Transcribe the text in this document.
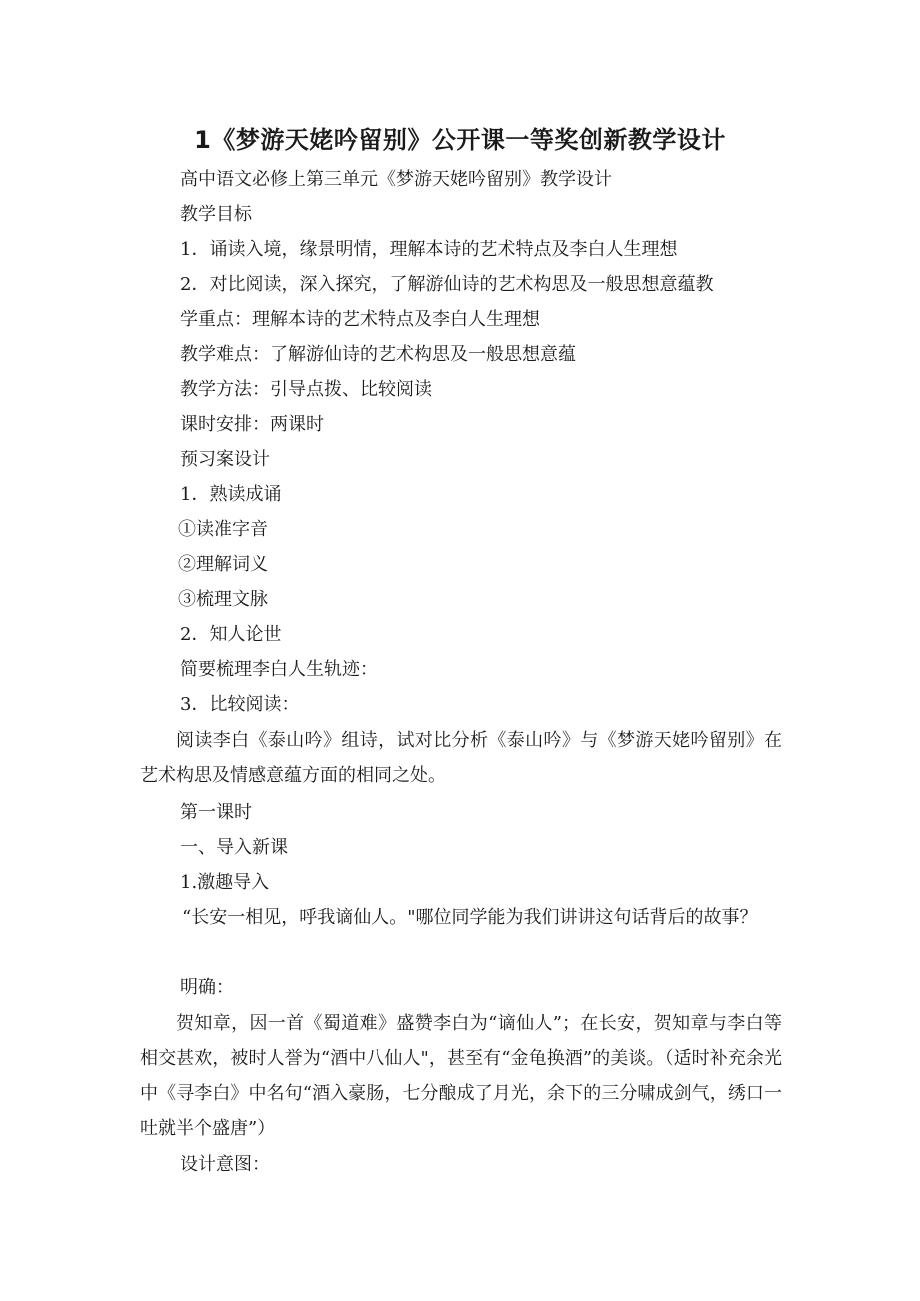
1《梦游天姥吟留别》公开课一等奖创新教学设计
高中语文必修上第三单元《梦游天姥吟留别》教学设计
教学目标
1．诵读入境，缘景明情，理解本诗的艺术特点及李白人生理想
2．对比阅读，深入探究，了解游仙诗的艺术构思及一般思想意蕴教
学重点：理解本诗的艺术特点及李白人生理想
教学难点：了解游仙诗的艺术构思及一般思想意蕴
教学方法：引导点拨、比较阅读
课时安排：两课时
预习案设计
1．熟读成诵
①读准字音
②理解词义
③梳理文脉
2．知人论世
简要梳理李白人生轨迹：
3．比较阅读：
阅读李白《泰山吟》组诗，试对比分析《泰山吟》与《梦游天姥吟留别》在艺术构思及情感意蕴方面的相同之处。
第一课时
一、导入新课
1.激趣导入
“长安一相见，呼我谪仙人。"哪位同学能为我们讲讲这句话背后的故事？
明确：
贺知章，因一首《蜀道难》盛赞李白为“谪仙人”；在长安，贺知章与李白等相交甚欢，被时人誉为“酒中八仙人"，甚至有“金龟换酒”的美谈。（适时补充余光中《寻李白》中名句“酒入豪肠，七分酿成了月光，余下的三分啸成剑气，绣口一吐就半个盛唐”）
设计意图：
